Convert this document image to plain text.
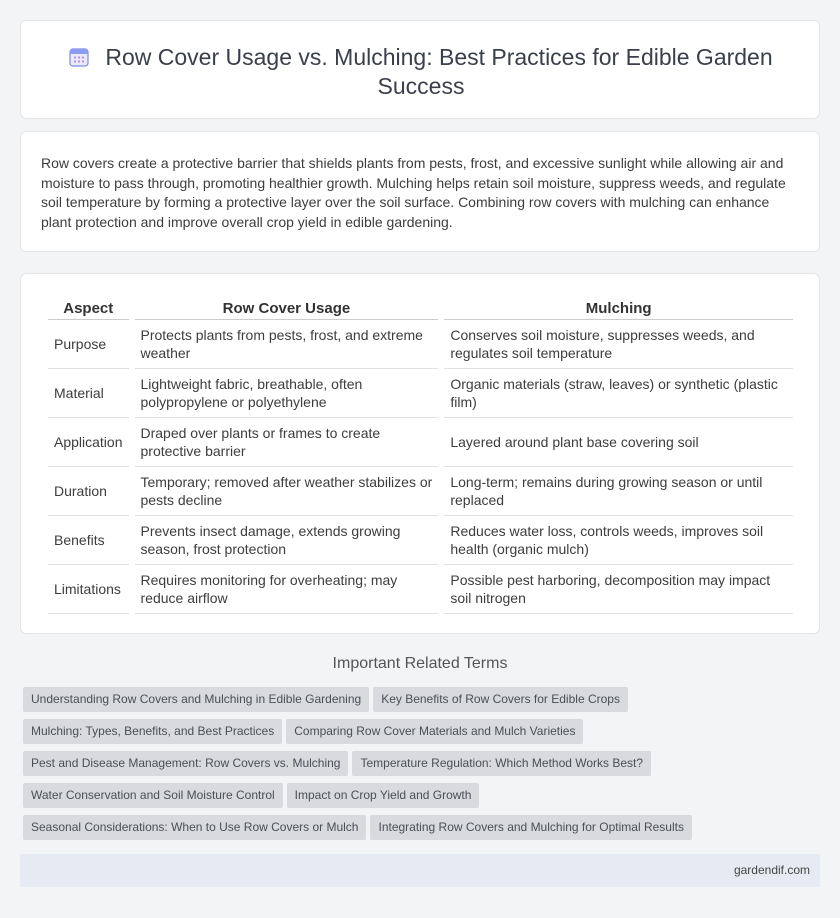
Row Cover Usage vs. Mulching: Best Practices for Edible Garden Success

Row covers create a protective barrier that shields plants from pests, frost, and excessive sunlight while allowing air and moisture to pass through, promoting healthier growth. Mulching helps retain soil moisture, suppress weeds, and regulate soil temperature by forming a protective layer over the soil surface. Combining row covers with mulching can enhance plant protection and improve overall crop yield in edible gardening.

Aspect	Row Cover Usage	Mulching
Purpose	Protects plants from pests, frost, and extreme weather	Conserves soil moisture, suppresses weeds, and regulates soil temperature
Material	Lightweight fabric, breathable, often polypropylene or polyethylene	Organic materials (straw, leaves) or synthetic (plastic film)
Application	Draped over plants or frames to create protective barrier	Layered around plant base covering soil
Duration	Temporary; removed after weather stabilizes or pests decline	Long-term; remains during growing season or until replaced
Benefits	Prevents insect damage, extends growing season, frost protection	Reduces water loss, controls weeds, improves soil health (organic mulch)
Limitations	Requires monitoring for overheating; may reduce airflow	Possible pest harboring, decomposition may impact soil nitrogen
Important Related Terms
Understanding Row Covers and Mulching in Edible Gardening Key Benefits of Row Covers for Edible Crops
Mulching: Types, Benefits, and Best Practices Comparing Row Cover Materials and Mulch Varieties
Pest and Disease Management: Row Covers vs. Mulching Temperature Regulation: Which Method Works Best?
Water Conservation and Soil Moisture Control Impact on Crop Yield and Growth
Seasonal Considerations: When to Use Row Covers or Mulch Integrating Row Covers and Mulching for Optimal Results
gardendif.com
